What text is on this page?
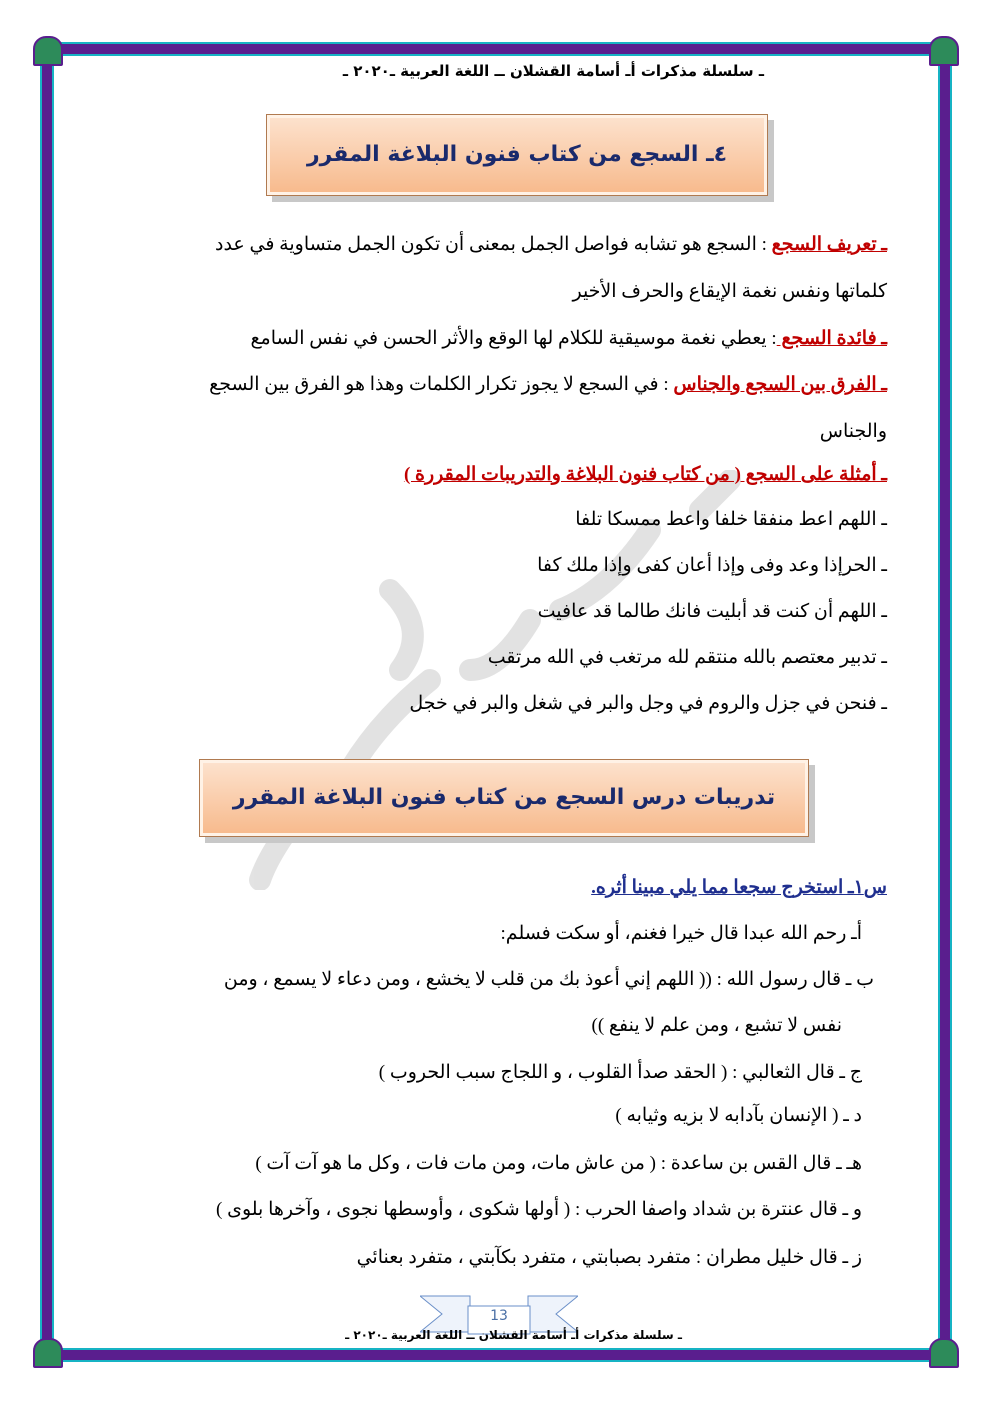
ـ سلسلة مذكرات أـ أسامة القشلان ــ اللغة العربية ـ٢٠٢٠ ـ
٤ـ السجع من كتاب فنون البلاغة المقرر
ـ تعريف السجع : السجع هو تشابه فواصل الجمل بمعنى أن تكون الجمل متساوية في عدد
كلماتها ونفس نغمة الإيقاع والحرف الأخير
ـ فائدة السجع : يعطي نغمة موسيقية للكلام لها الوقع والأثر الحسن في نفس السامع
ـ الفرق بين السجع والجناس : في السجع لا يجوز تكرار الكلمات وهذا هو الفرق بين السجع
والجناس
ـ أمثلة على السجع ( من كتاب فنون البلاغة والتدريبات المقررة )
ـ اللهم اعط منفقا خلفا واعط ممسكا تلفا
ـ الحرإذا وعد وفى وإذا أعان كفى وإذا ملك كفا
ـ اللهم أن كنت قد أبليت فانك طالما قد عافيت
ـ تدبير معتصم بالله منتقم لله مرتغب في الله مرتقب
ـ فنحن في جزل والروم في وجل والبر في شغل والبر في خجل
تدريبات درس السجع من كتاب فنون البلاغة المقرر
س١ـ استخرج سجعا مما يلي مبينا أثره.
أـ رحم الله عبدا قال خيرا فغنم، أو سكت فسلم:
ب ـ قال رسول الله : (( اللهم إني أعوذ بك من قلب لا يخشع ، ومن دعاء لا يسمع ، ومن
نفس لا تشبع ، ومن علم لا ينفع ))
ج ـ قال الثعالبي : ( الحقد صدأ القلوب ، و اللجاج سبب الحروب )
د ـ ( الإنسان بآدابه لا بزيه وثيابه )
هـ ـ قال القس بن ساعدة : ( من عاش مات، ومن مات فات ، وكل ما هو آت آت )
و ـ قال عنترة بن شداد واصفا الحرب : ( أولها شكوى ، وأوسطها نجوى ، وآخرها بلوى )
ز ـ قال خليل مطران : متفرد بصبابتي ، متفرد بكآبتي ، متفرد بعنائي
13
ـ سلسلة مذكرات أـ أسامة القشلان ــ اللغة العربية ـ٢٠٢٠ ـ
